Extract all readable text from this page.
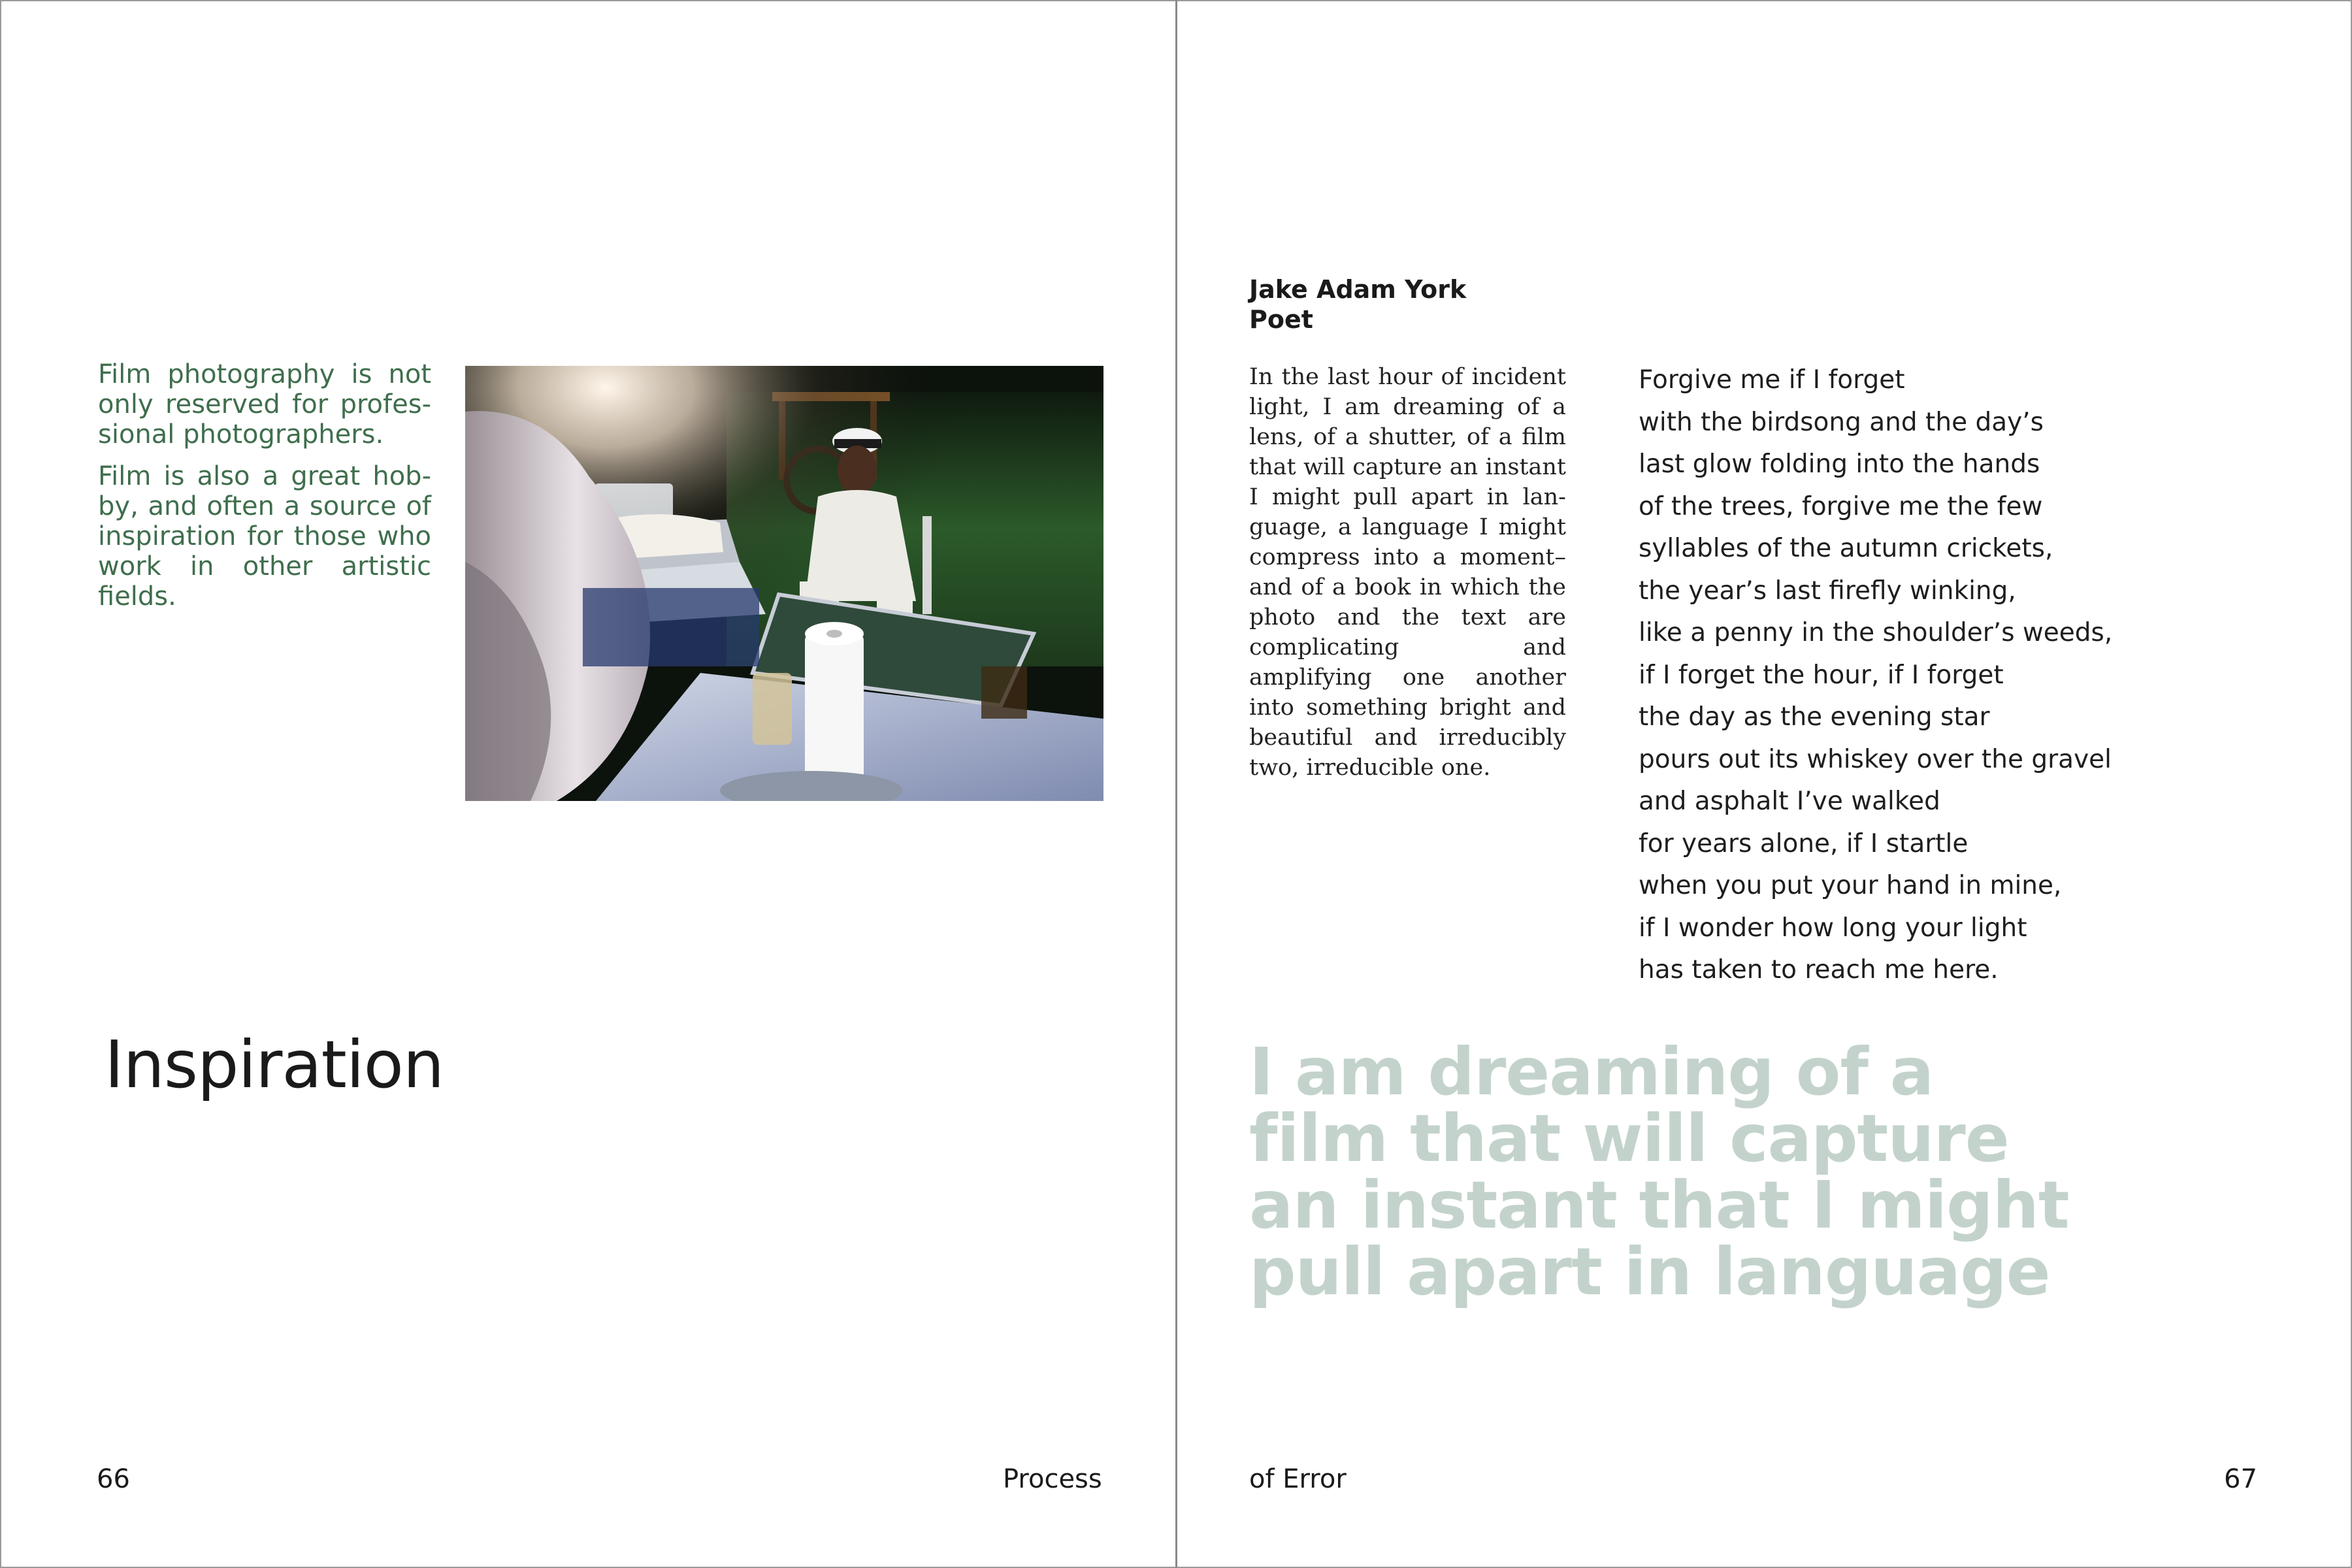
Film photography is not only reserved for professional photographers.

Film is also a great hobby, and often a source of inspiration for those who work in other artistic fields.

Inspiration
66	Process
Jake Adam York
Poet

In the last hour of incident light, I am dreaming of a lens, of a shutter, of a film that will capture an instant I might pull apart in language, a language I might compress into a moment– and of a book in which the photo and the text are complicating and amplifying one another into something bright and beautiful and irreducibly two, irreducible one.

Forgive me if I forget
with the birdsong and the day’s
last glow folding into the hands
of the trees, forgive me the few
syllables of the autumn crickets,
the year’s last firefly winking,
like a penny in the shoulder’s weeds,
if I forget the hour, if I forget
the day as the evening star
pours out its whiskey over the gravel
and asphalt I’ve walked
for years alone, if I startle
when you put your hand in mine,
if I wonder how long your light
has taken to reach me here.
I am dreaming of a
film that will capture
an instant that I might
pull apart in language
of Error	67
